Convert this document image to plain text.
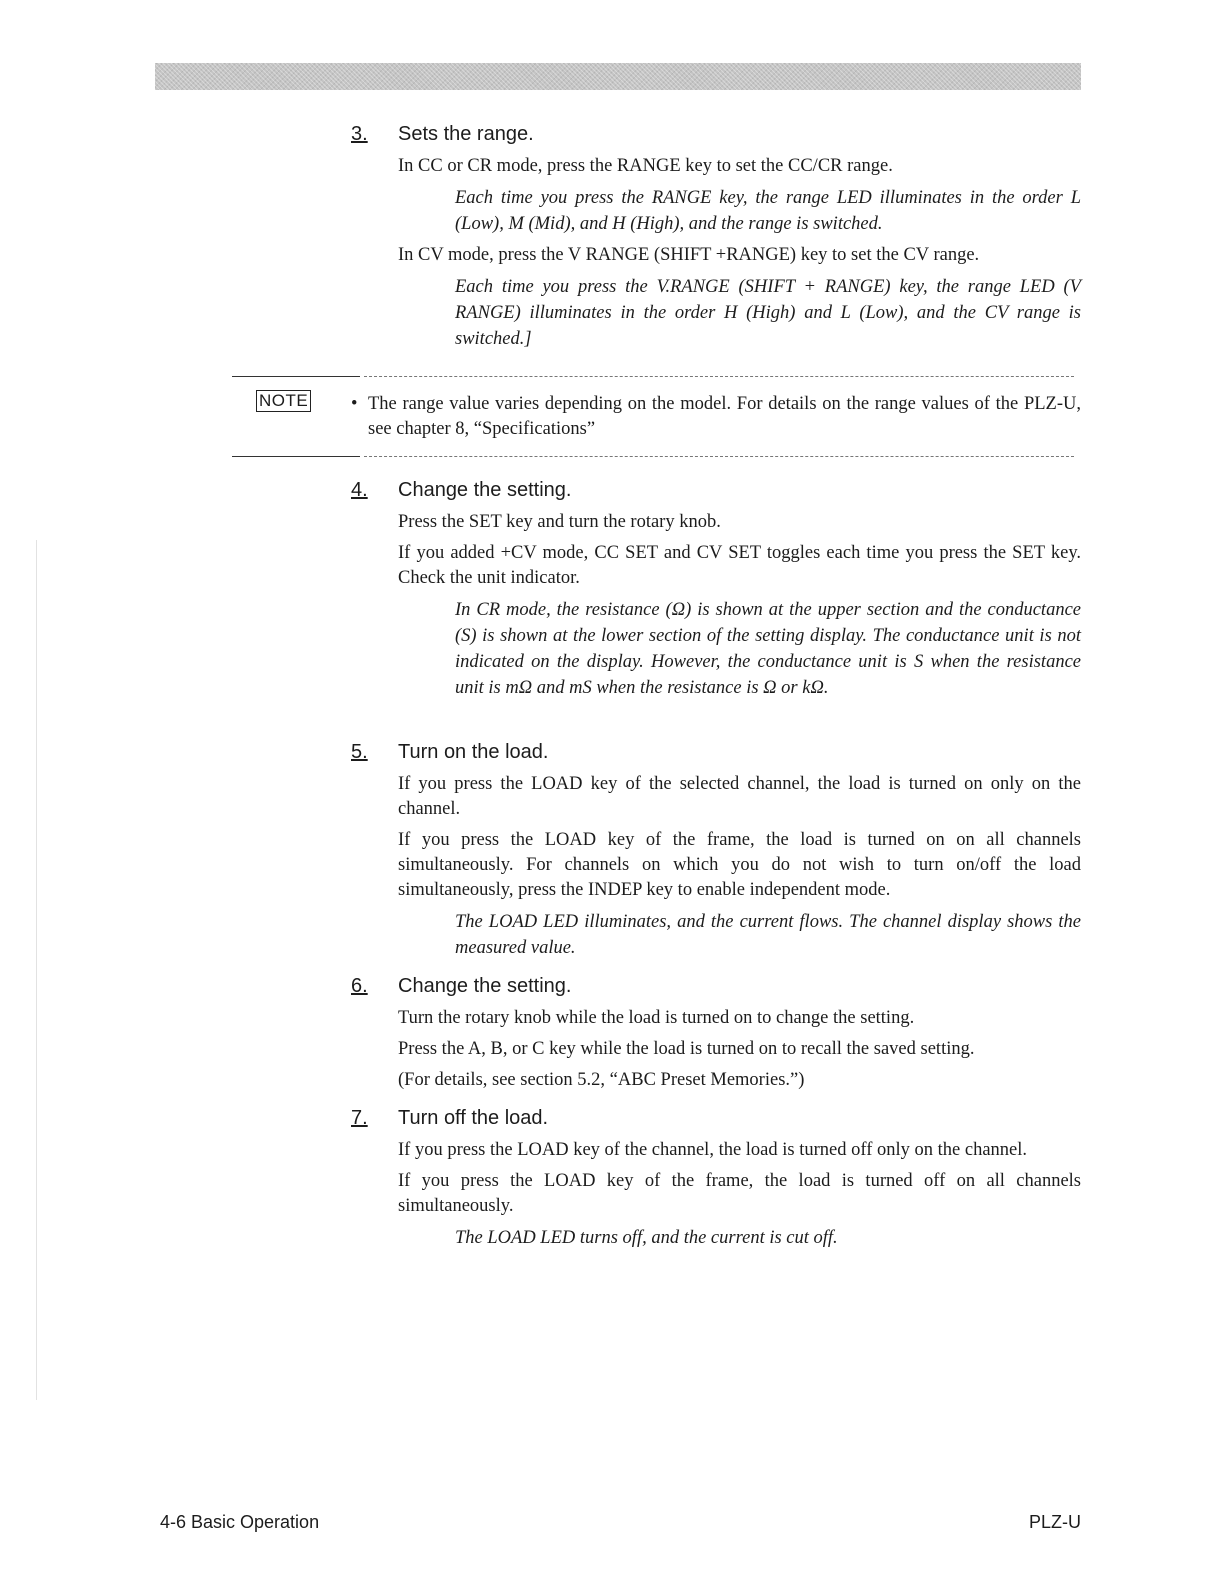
3. Sets the range.
In CC or CR mode, press the RANGE key to set the CC/CR range.
Each time you press the RANGE key, the range LED illuminates in the order L (Low), M (Mid), and H (High), and the range is switched.
In CV mode, press the V RANGE (SHIFT +RANGE) key to set the CV range.
Each time you press the V.RANGE (SHIFT + RANGE) key, the range LED (V RANGE) illuminates in the order H (High) and L (Low), and the CV range is switched.]
NOTE • The range value varies depending on the model. For details on the range values of the PLZ-U, see chapter 8, “Specifications”
4. Change the setting.
Press the SET key and turn the rotary knob.
If you added +CV mode, CC SET and CV SET toggles each time you press the SET key. Check the unit indicator.
In CR mode, the resistance (Ω) is shown at the upper section and the conductance (S) is shown at the lower section of the setting display. The conductance unit is not indicated on the display. However, the conductance unit is S when the resistance unit is mΩ and mS when the resistance is Ω or kΩ.
5. Turn on the load.
If you press the LOAD key of the selected channel, the load is turned on only on the channel.
If you press the LOAD key of the frame, the load is turned on on all channels simultaneously. For channels on which you do not wish to turn on/off the load simultaneously, press the INDEP key to enable independent mode.
The LOAD LED illuminates, and the current flows. The channel display shows the measured value.
6. Change the setting.
Turn the rotary knob while the load is turned on to change the setting.
Press the A, B, or C key while the load is turned on to recall the saved setting.
(For details, see section 5.2, “ABC Preset Memories.”)
7. Turn off the load.
If you press the LOAD key of the channel, the load is turned off only on the channel.
If you press the LOAD key of the frame, the load is turned off on all channels simultaneously.
The LOAD LED turns off, and the current is cut off.
4-6 Basic Operation	PLZ-U
